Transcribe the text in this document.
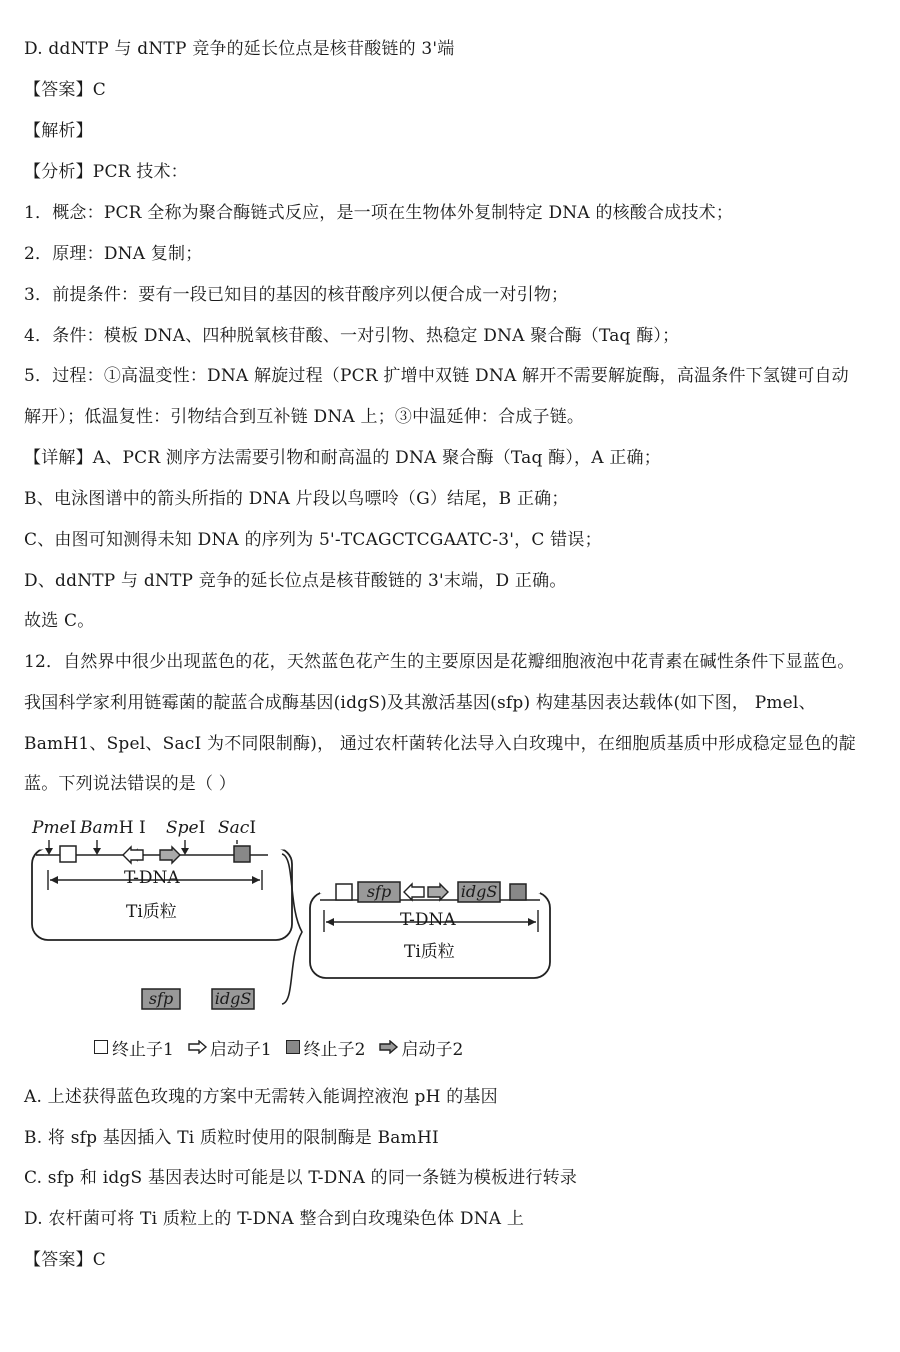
D. ddNTP 与 dNTP 竞争的延长位点是核苷酸链的 3'端
【答案】C
【解析】
【分析】PCR 技术：
1．概念：PCR 全称为聚合酶链式反应，是一项在生物体外复制特定 DNA 的核酸合成技术；
2．原理：DNA 复制；
3．前提条件：要有一段已知目的基因的核苷酸序列以便合成一对引物；
4．条件：模板 DNA、四种脱氧核苷酸、一对引物、热稳定 DNA 聚合酶（Taq 酶）；
5．过程：①高温变性：DNA 解旋过程（PCR 扩增中双链 DNA 解开不需要解旋酶，高温条件下氢键可自动
解开）；低温复性：引物结合到互补链 DNA 上；③中温延伸：合成子链。
【详解】A、PCR 测序方法需要引物和耐高温的 DNA 聚合酶（Taq 酶），A 正确；
B、电泳图谱中的箭头所指的 DNA 片段以鸟嘌呤（G）结尾，B 正确；
C、由图可知测得未知 DNA 的序列为 5'-TCAGCTCGAATC-3'，C 错误；
D、ddNTP 与 dNTP 竞争的延长位点是核苷酸链的 3'末端，D 正确。
故选 C。
12．自然界中很少出现蓝色的花，天然蓝色花产生的主要原因是花瓣细胞液泡中花青素在碱性条件下显蓝色。
我国科学家利用链霉菌的靛蓝合成酶基因(idgS)及其激活基因(sfp) 构建基因表达载体(如下图， Pmel、
BamH1、Spel、SacI 为不同限制酶)， 通过农杆菌转化法导入白玫瑰中，在细胞质基质中形成稳定显色的靛
蓝。下列说法错误的是（ ）
PmeI BamH I SpeI SacI
T-DNA
Ti质粒	T-DNA
Ti质粒
sfp	idgS
sfp	idgS
终止子1 启动子1 终止子2 启动子2
A. 上述获得蓝色玫瑰的方案中无需转入能调控液泡 pH 的基因
B. 将 sfp 基因插入 Ti 质粒时使用的限制酶是 BamHI
C. sfp 和 idgS 基因表达时可能是以 T-DNA 的同一条链为模板进行转录
D. 农杆菌可将 Ti 质粒上的 T-DNA 整合到白玫瑰染色体 DNA 上
【答案】C
